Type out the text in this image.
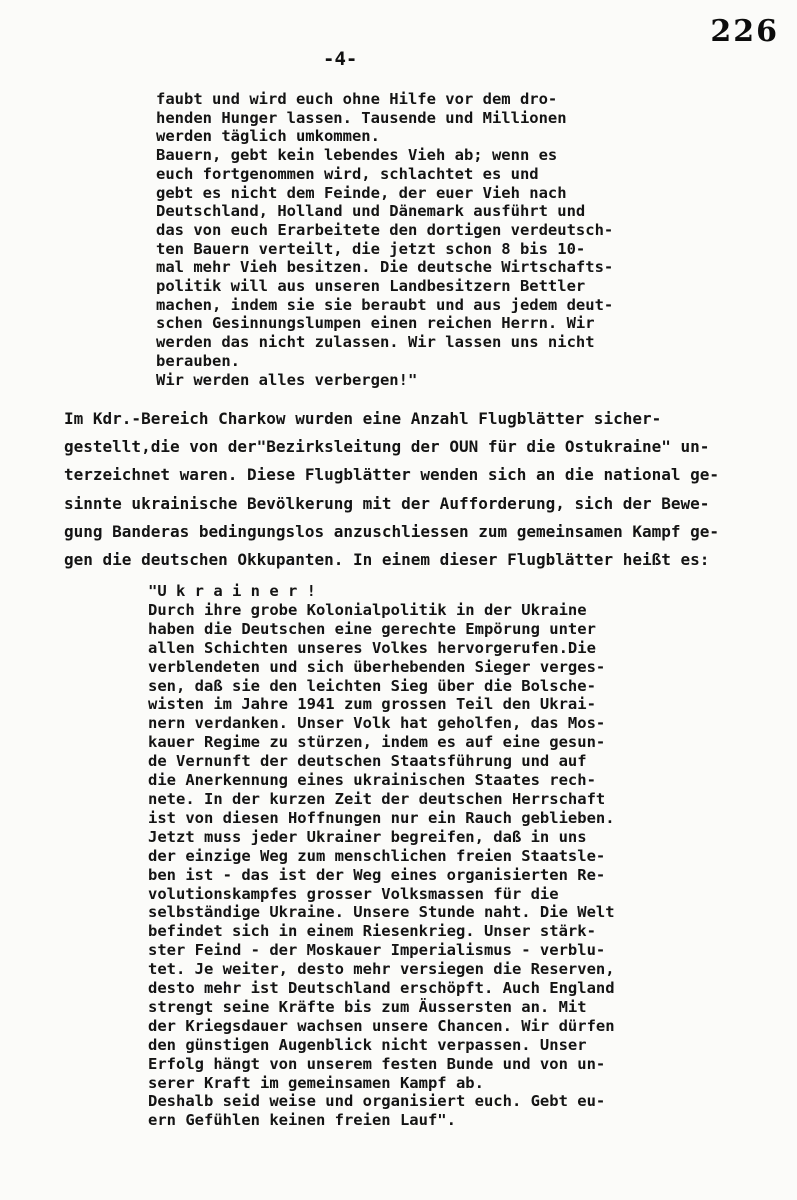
226
-4-
faubt und wird euch ohne Hilfe vor dem dro-
henden Hunger lassen. Tausende und Millionen
werden täglich umkommen.
Bauern, gebt kein lebendes Vieh ab; wenn es
euch fortgenommen wird, schlachtet es und
gebt es nicht dem Feinde, der euer Vieh nach
Deutschland, Holland und Dänemark ausführt und
das von euch Erarbeitete den dortigen verdeutsch-
ten Bauern verteilt, die jetzt schon 8 bis 10-
mal mehr Vieh besitzen. Die deutsche Wirtschafts-
politik will aus unseren Landbesitzern Bettler
machen, indem sie sie beraubt und aus jedem deut-
schen Gesinnungslumpen einen reichen Herrn. Wir
werden das nicht zulassen. Wir lassen uns nicht
berauben.
Wir werden alles verbergen!"
Im Kdr.-Bereich Charkow wurden eine Anzahl Flugblätter sicher-
gestellt,die von der"Bezirksleitung der OUN für die Ostukraine" un-
terzeichnet waren. Diese Flugblätter wenden sich an die national ge-
sinnte ukrainische Bevölkerung mit der Aufforderung, sich der Bewe-
gung Banderas bedingungslos anzuschliessen zum gemeinsamen Kampf ge-
gen die deutschen Okkupanten. In einem dieser Flugblätter heißt es:
"U k r a i n e r !
Durch ihre grobe Kolonialpolitik in der Ukraine
haben die Deutschen eine gerechte Empörung unter
allen Schichten unseres Volkes hervorgerufen.Die
verblendeten und sich überhebenden Sieger verges-
sen, daß sie den leichten Sieg über die Bolsche-
wisten im Jahre 1941 zum grossen Teil den Ukrai-
nern verdanken. Unser Volk hat geholfen, das Mos-
kauer Regime zu stürzen, indem es auf eine gesun-
de Vernunft der deutschen Staatsführung und auf
die Anerkennung eines ukrainischen Staates rech-
nete. In der kurzen Zeit der deutschen Herrschaft
ist von diesen Hoffnungen nur ein Rauch geblieben.
Jetzt muss jeder Ukrainer begreifen, daß in uns
der einzige Weg zum menschlichen freien Staatsle-
ben ist - das ist der Weg eines organisierten Re-
volutionskampfes grosser Volksmassen für die
selbständige Ukraine. Unsere Stunde naht. Die Welt
befindet sich in einem Riesenkrieg. Unser stärk-
ster Feind - der Moskauer Imperialismus - verblu-
tet. Je weiter, desto mehr versiegen die Reserven,
desto mehr ist Deutschland erschöpft. Auch England
strengt seine Kräfte bis zum Äussersten an. Mit
der Kriegsdauer wachsen unsere Chancen. Wir dürfen
den günstigen Augenblick nicht verpassen. Unser
Erfolg hängt von unserem festen Bunde und von un-
serer Kraft im gemeinsamen Kampf ab.
Deshalb seid weise und organisiert euch. Gebt eu-
ern Gefühlen keinen freien Lauf".
